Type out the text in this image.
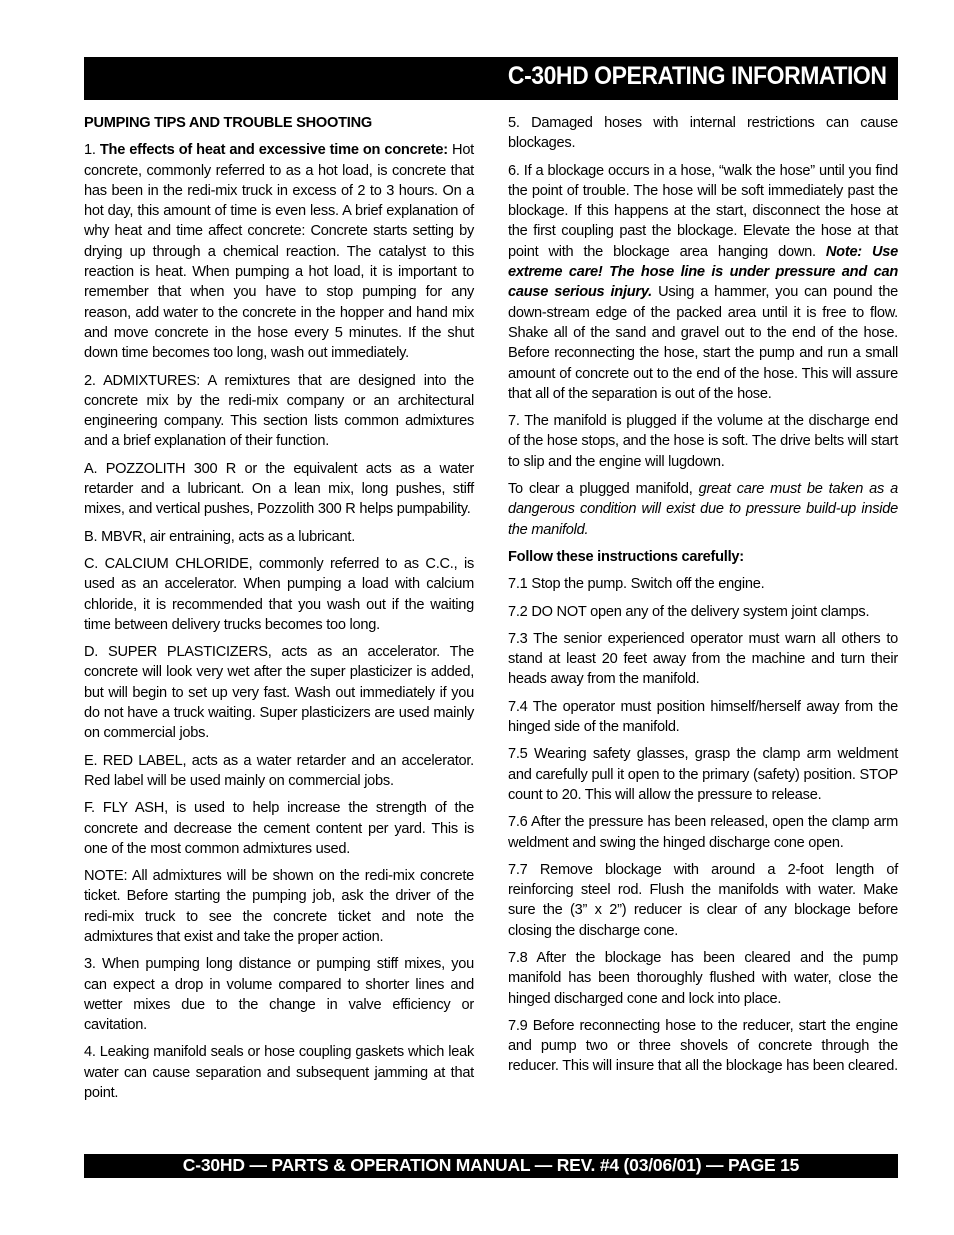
C-30HD OPERATING INFORMATION

PUMPING TIPS AND TROUBLE SHOOTING

1. The effects of heat and excessive time on concrete: Hot concrete, commonly referred to as a hot load, is concrete that has been in the redi-mix truck in excess of 2 to 3 hours. On a hot day, this amount of time is even less. A brief explanation of why heat and time affect concrete: Concrete starts setting by drying up through a chemical reaction. The catalyst to this reaction is heat. When pumping a hot load, it is important to remember that when you have to stop pumping for any reason, add water to the concrete in the hopper and hand mix and move concrete in the hose every 5 minutes. If the shut down time becomes too long, wash out immediately.

2. ADMIXTURES: A remixtures that are designed into the concrete mix by the redi-mix company or an architectural engineering company. This section lists common admixtures and a brief explanation of their function.

A. POZZOLITH 300 R or the equivalent acts as a water retarder and a lubricant. On a lean mix, long pushes, stiff mixes, and vertical pushes, Pozzolith 300 R helps pumpability.

B. MBVR, air entraining, acts as a lubricant.

C. CALCIUM CHLORIDE, commonly referred to as C.C., is used as an accelerator. When pumping a load with calcium chloride, it is recommended that you wash out if the waiting time between delivery trucks becomes too long.

D. SUPER PLASTICIZERS, acts as an accelerator. The concrete will look very wet after the super plasticizer is added, but will begin to set up very fast. Wash out immediately if you do not have a truck waiting. Super plasticizers are used mainly on commercial jobs.

E. RED LABEL, acts as a water retarder and an accelerator. Red label will be used mainly on commercial jobs.

F. FLY ASH, is used to help increase the strength of the concrete and decrease the cement content per yard. This is one of the most common admixtures used.

NOTE: All admixtures will be shown on the redi-mix concrete ticket. Before starting the pumping job, ask the driver of the redi-mix truck to see the concrete ticket and note the admixtures that exist and take the proper action.

3. When pumping long distance or pumping stiff mixes, you can expect a drop in volume compared to shorter lines and wetter mixes due to the change in valve efficiency or cavitation.

4. Leaking manifold seals or hose coupling gaskets which leak water can cause separation and subsequent jamming at that point.

5. Damaged hoses with internal restrictions can cause blockages.

6. If a blockage occurs in a hose, “walk the hose” until you find the point of trouble. The hose will be soft immediately past the blockage. If this happens at the start, disconnect the hose at the first coupling past the blockage. Elevate the hose at that point with the blockage area hanging down. Note: Use extreme care! The hose line is under pressure and can cause serious injury. Using a hammer, you can pound the down-stream edge of the packed area until it is free to flow. Shake all of the sand and gravel out to the end of the hose. Before reconnecting the hose, start the pump and run a small amount of concrete out to the end of the hose. This will assure that all of the separation is out of the hose.

7. The manifold is plugged if the volume at the discharge end of the hose stops, and the hose is soft. The drive belts will start to slip and the engine will lugdown.

To clear a plugged manifold, great care must be taken as a dangerous condition will exist due to pressure build-up inside the manifold.

Follow these instructions carefully:

7.1 Stop the pump. Switch off the engine.

7.2 DO NOT open any of the delivery system joint clamps.

7.3 The senior experienced operator must warn all others to stand at least 20 feet away from the machine and turn their heads away from the manifold.

7.4 The operator must position himself/herself away from the hinged side of the manifold.

7.5 Wearing safety glasses, grasp the clamp arm weldment and carefully pull it open to the primary (safety) position. STOP count to 20. This will allow the pressure to release.

7.6 After the pressure has been released, open the clamp arm weldment and swing the hinged discharge cone open.

7.7 Remove blockage with around a 2-foot length of reinforcing steel rod. Flush the manifolds with water. Make sure the (3” x 2”) reducer is clear of any blockage before closing the discharge cone.

7.8 After the blockage has been cleared and the pump manifold has been thoroughly flushed with water, close the hinged discharged cone and lock into place.

7.9 Before reconnecting hose to the reducer, start the engine and pump two or three shovels of concrete through the reducer. This will insure that all the blockage has been cleared.

C-30HD — PARTS & OPERATION MANUAL — REV. #4 (03/06/01) — PAGE 15
